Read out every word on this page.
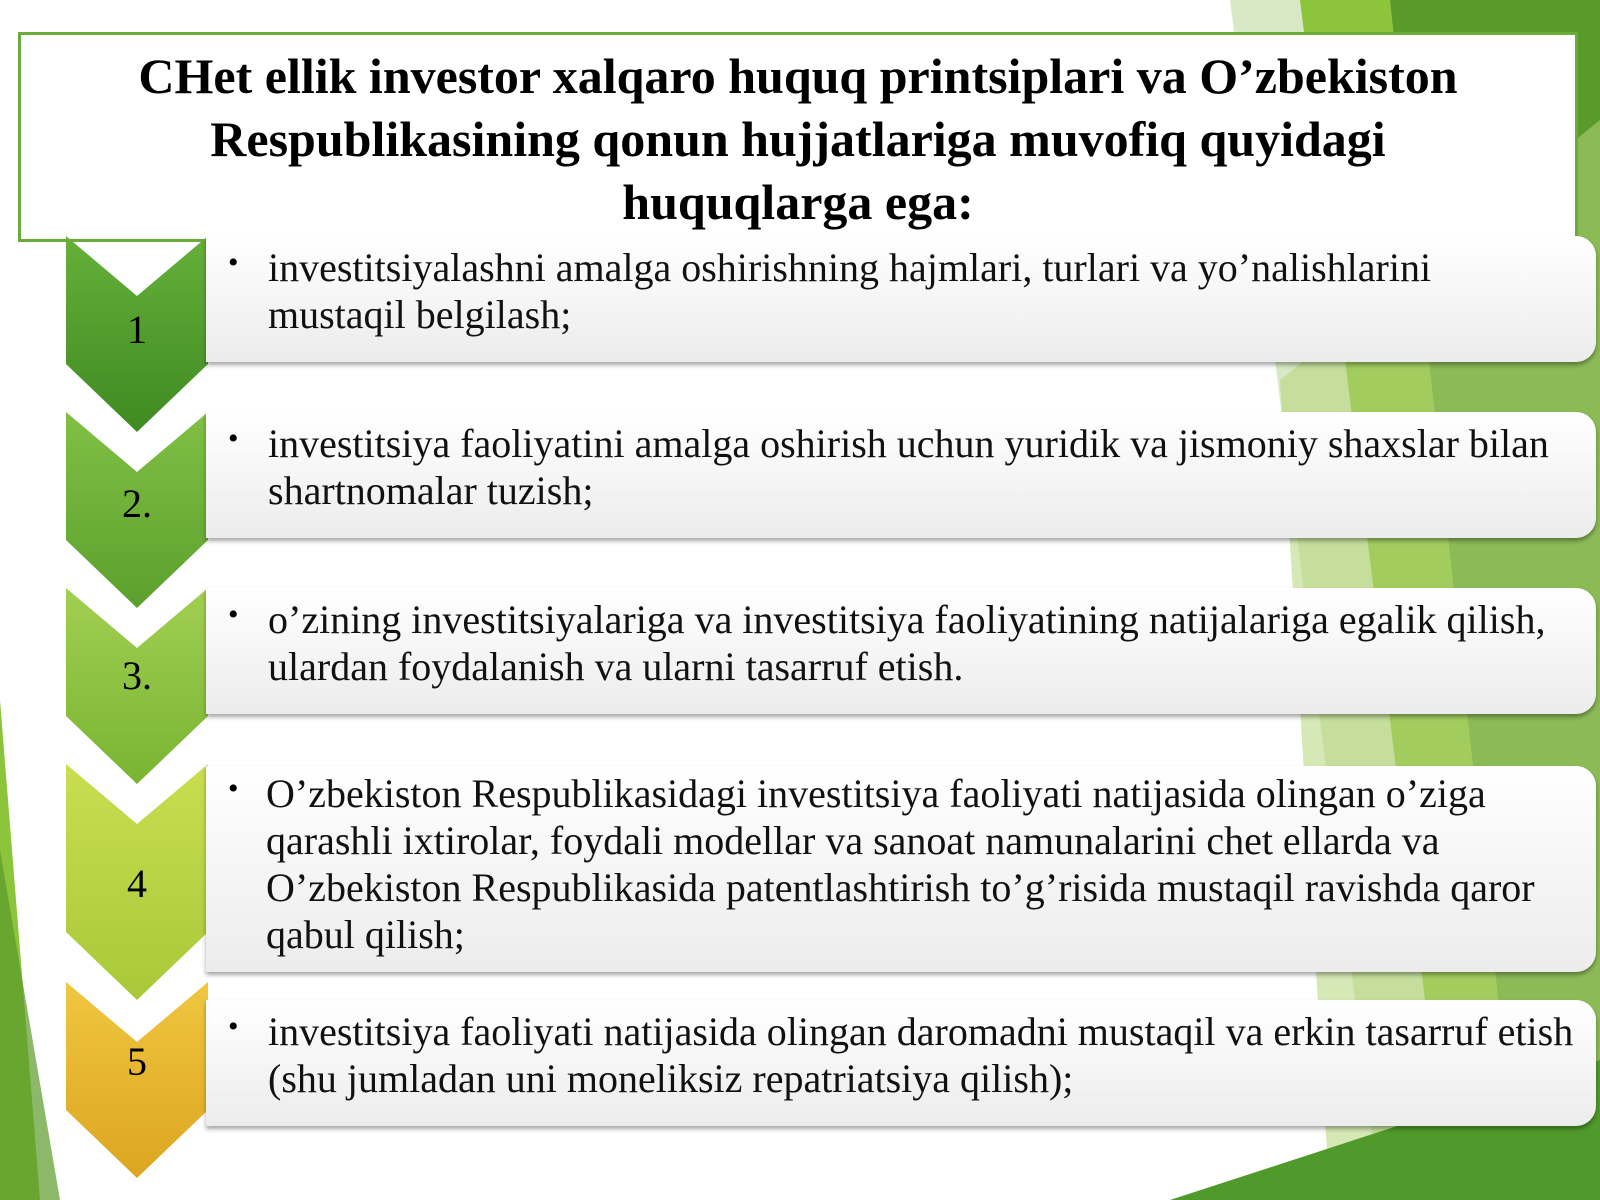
CHet ellik investor xalqaro huquq printsiplari va O’zbekiston Respublikasining qonun hujjatlariga muvofiq quyidagi huquqlarga ega:
1
• investitsiyalashni amalga oshirishning hajmlari, turlari va yo’nalishlarini mustaqil belgilash;
2.
• investitsiya faoliyatini amalga oshirish uchun yuridik va jismoniy shaxslar bilan shartnomalar tuzish;
3.
• o’zining investitsiyalariga va investitsiya faoliyatining natijalariga egalik qilish, ulardan foydalanish va ularni tasarruf etish.
4
• O’zbekiston Respublikasidagi investitsiya faoliyati natijasida olingan o’ziga qarashli ixtirolar, foydali modellar va sanoat namunalarini chet ellarda va O’zbekiston Respublikasida patentlashtirish to’g’risida mustaqil ravishda qaror qabul qilish;
5
• investitsiya faoliyati natijasida olingan daromadni mustaqil va erkin tasarruf etish (shu jumladan uni moneliksiz repatriatsiya qilish);
